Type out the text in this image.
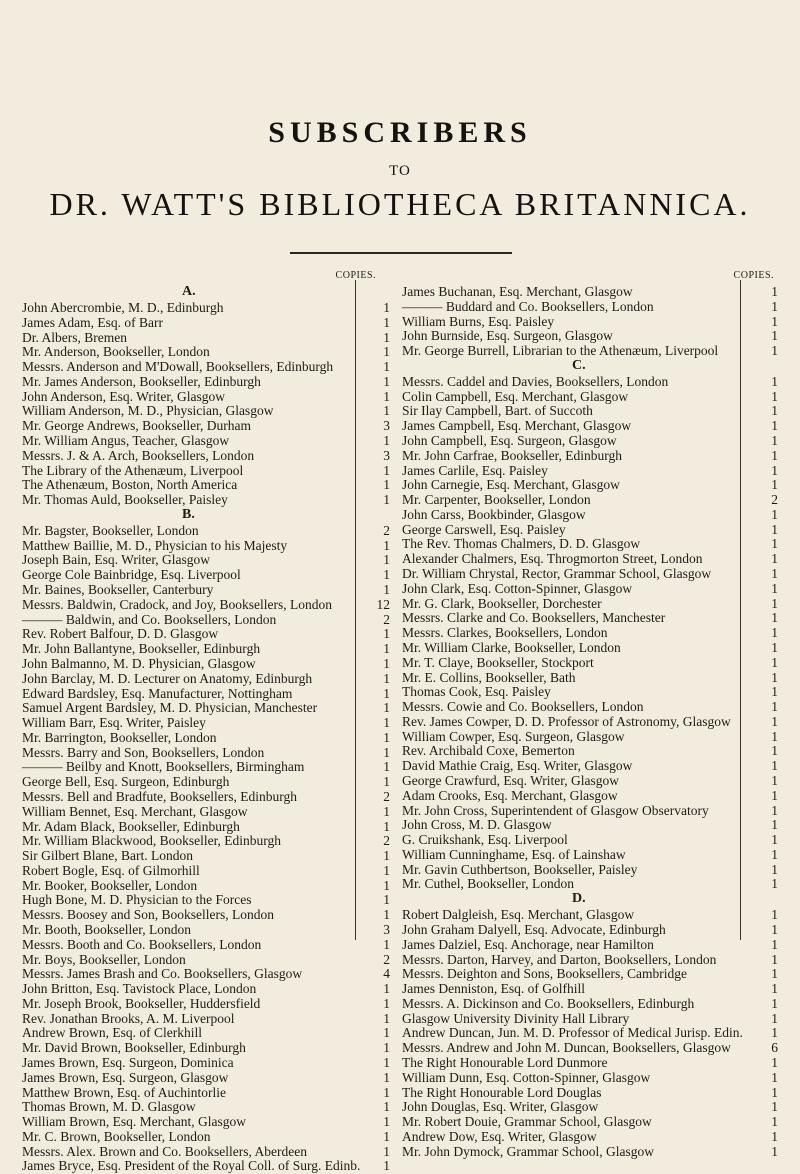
SUBSCRIBERS
TO
DR. WATT'S BIBLIOTHECA BRITANNICA.
COPIES.
A.
John Abercrombie, M. D., Edinburgh	1
James Adam, Esq. of Barr	1
Dr. Albers, Bremen	1
Mr. Anderson, Bookseller, London	1
Messrs. Anderson and M'Dowall, Booksellers, Edinburgh	1
Mr. James Anderson, Bookseller, Edinburgh	1
John Anderson, Esq. Writer, Glasgow	1
William Anderson, M. D., Physician, Glasgow	1
Mr. George Andrews, Bookseller, Durham	3
Mr. William Angus, Teacher, Glasgow	1
Messrs. J. & A. Arch, Booksellers, London	3
The Library of the Athenæum, Liverpool	1
The Athenæum, Boston, North America	1
Mr. Thomas Auld, Bookseller, Paisley	1
B.
Mr. Bagster, Bookseller, London	2
Matthew Baillie, M. D., Physician to his Majesty	1
Joseph Bain, Esq. Writer, Glasgow	1
George Cole Bainbridge, Esq. Liverpool	1
Mr. Baines, Bookseller, Canterbury	1
Messrs. Baldwin, Cradock, and Joy, Booksellers, London	12
——— Baldwin, and Co. Booksellers, London	2
Rev. Robert Balfour, D. D. Glasgow	1
Mr. John Ballantyne, Bookseller, Edinburgh	1
John Balmanno, M. D. Physician, Glasgow	1
John Barclay, M. D. Lecturer on Anatomy, Edinburgh	1
Edward Bardsley, Esq. Manufacturer, Nottingham	1
Samuel Argent Bardsley, M. D. Physician, Manchester	1
William Barr, Esq. Writer, Paisley	1
Mr. Barrington, Bookseller, London	1
Messrs. Barry and Son, Booksellers, London	1
——— Beilby and Knott, Booksellers, Birmingham	1
George Bell, Esq. Surgeon, Edinburgh	1
Messrs. Bell and Bradfute, Booksellers, Edinburgh	2
William Bennet, Esq. Merchant, Glasgow	1
Mr. Adam Black, Bookseller, Edinburgh	1
Mr. William Blackwood, Bookseller, Edinburgh	2
Sir Gilbert Blane, Bart. London	1
Robert Bogle, Esq. of Gilmorhill	1
Mr. Booker, Bookseller, London	1
Hugh Bone, M. D. Physician to the Forces	1
Messrs. Boosey and Son, Booksellers, London	1
Mr. Booth, Bookseller, London	3
Messrs. Booth and Co. Booksellers, London	1
Mr. Boys, Bookseller, London	2
Messrs. James Brash and Co. Booksellers, Glasgow	4
John Britton, Esq. Tavistock Place, London	1
Mr. Joseph Brook, Bookseller, Huddersfield	1
Rev. Jonathan Brooks, A. M. Liverpool	1
Andrew Brown, Esq. of Clerkhill	1
Mr. David Brown, Bookseller, Edinburgh	1
James Brown, Esq. Surgeon, Dominica	1
James Brown, Esq. Surgeon, Glasgow	1
Matthew Brown, Esq. of Auchintorlie	1
Thomas Brown, M. D. Glasgow	1
William Brown, Esq. Merchant, Glasgow	1
Mr. C. Brown, Bookseller, London	1
Messrs. Alex. Brown and Co. Booksellers, Aberdeen	1
James Bryce, Esq. President of the Royal Coll. of Surg. Edinb.	1
COPIES.
James Buchanan, Esq. Merchant, Glasgow	1
——— Buddard and Co. Booksellers, London	1
William Burns, Esq. Paisley	1
John Burnside, Esq. Surgeon, Glasgow	1
Mr. George Burrell, Librarian to the Athenæum, Liverpool	1
C.
Messrs. Caddel and Davies, Booksellers, London	1
Colin Campbell, Esq. Merchant, Glasgow	1
Sir Ilay Campbell, Bart. of Succoth	1
James Campbell, Esq. Merchant, Glasgow	1
John Campbell, Esq. Surgeon, Glasgow	1
Mr. John Carfrae, Bookseller, Edinburgh	1
James Carlile, Esq. Paisley	1
John Carnegie, Esq. Merchant, Glasgow	1
Mr. Carpenter, Bookseller, London	2
John Carss, Bookbinder, Glasgow	1
George Carswell, Esq. Paisley	1
The Rev. Thomas Chalmers, D. D. Glasgow	1
Alexander Chalmers, Esq. Throgmorton Street, London	1
Dr. William Chrystal, Rector, Grammar School, Glasgow	1
John Clark, Esq. Cotton-Spinner, Glasgow	1
Mr. G. Clark, Bookseller, Dorchester	1
Messrs. Clarke and Co. Booksellers, Manchester	1
Messrs. Clarkes, Booksellers, London	1
Mr. William Clarke, Bookseller, London	1
Mr. T. Claye, Bookseller, Stockport	1
Mr. E. Collins, Bookseller, Bath	1
Thomas Cook, Esq. Paisley	1
Messrs. Cowie and Co. Booksellers, London	1
Rev. James Cowper, D. D. Professor of Astronomy, Glasgow	1
William Cowper, Esq. Surgeon, Glasgow	1
Rev. Archibald Coxe, Bemerton	1
David Mathie Craig, Esq. Writer, Glasgow	1
George Crawfurd, Esq. Writer, Glasgow	1
Adam Crooks, Esq. Merchant, Glasgow	1
Mr. John Cross, Superintendent of Glasgow Observatory	1
John Cross, M. D. Glasgow	1
G. Cruikshank, Esq. Liverpool	1
William Cunninghame, Esq. of Lainshaw	1
Mr. Gavin Cuthbertson, Bookseller, Paisley	1
Mr. Cuthel, Bookseller, London	1
D.
Robert Dalgleish, Esq. Merchant, Glasgow	1
John Graham Dalyell, Esq. Advocate, Edinburgh	1
James Dalziel, Esq. Anchorage, near Hamilton	1
Messrs. Darton, Harvey, and Darton, Booksellers, London	1
Messrs. Deighton and Sons, Booksellers, Cambridge	1
James Denniston, Esq. of Golfhill	1
Messrs. A. Dickinson and Co. Booksellers, Edinburgh	1
Glasgow University Divinity Hall Library	1
Andrew Duncan, Jun. M. D. Professor of Medical Jurisp. Edin.	1
Messrs. Andrew and John M. Duncan, Booksellers, Glasgow	6
The Right Honourable Lord Dunmore	1
William Dunn, Esq. Cotton-Spinner, Glasgow	1
The Right Honourable Lord Douglas	1
John Douglas, Esq. Writer, Glasgow	1
Mr. Robert Douie, Grammar School, Glasgow	1
Andrew Dow, Esq. Writer, Glasgow	1
Mr. John Dymock, Grammar School, Glasgow	1
